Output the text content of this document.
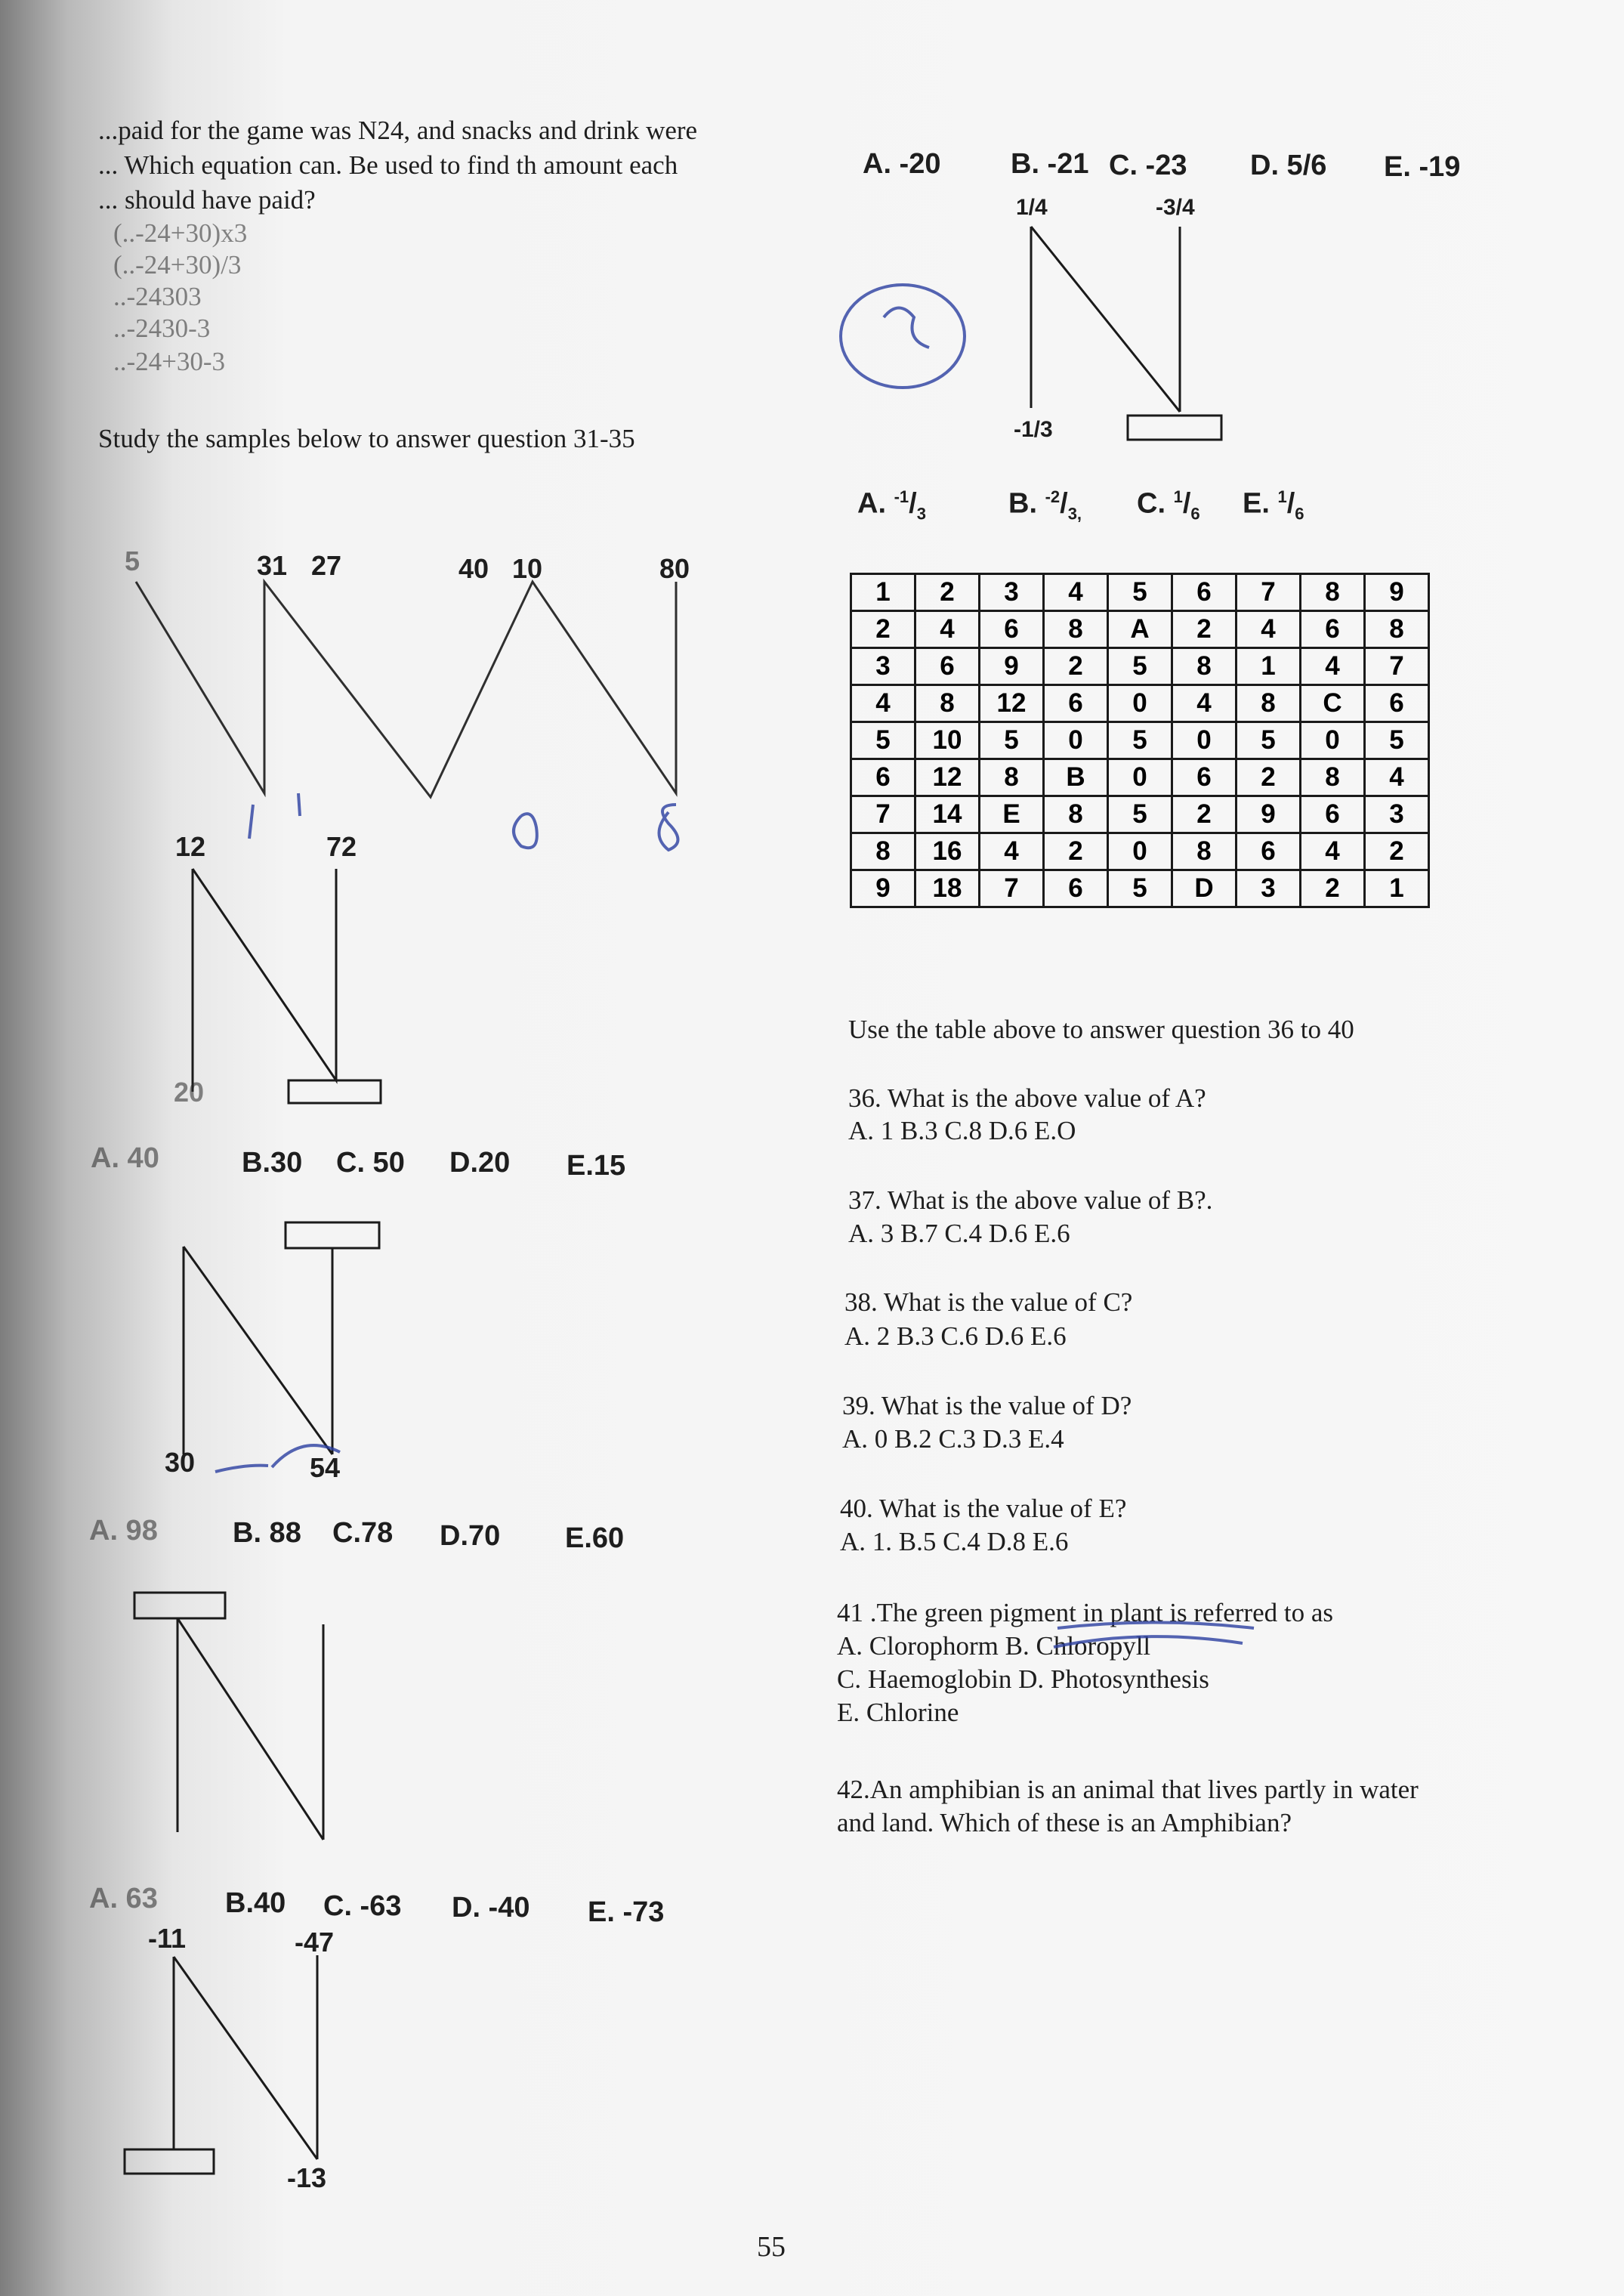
...paid for the game was N24, and snacks and drink were
... Which equation can. Be used to find th amount each
... should have paid?
(..-24+30)x3
(..-24+30)/3
..-24303
..-2430-3
..-24+30-3
Study the samples below to answer question 31-35
5	31 27	40 10	80
12	72
20
A. 40	B.30 C. 50 D.20 E.15
30	54
A. 98	B. 88 C.78 D.70 E.60
A. 63 B.40 C. -63 D. -40 E. -73
-11	-47
-13
A. -20 B. -21 C. -23 D. 5/6 E. -19
1/4	-3/4
-1/3
A. $^{-1}/_3$	B. $^{-2}/_{3,}$ C. $^1/_6$ E. $^1/_6$
1	2	3	4	5	6	7	8	9
2	4	6	8	A	2	4	6	8
3	6	9	2	5	8	1	4	7
4	8	12	6	0	4	8	C	6
5	10	5	0	5	0	5	0	5
6	12	8	B	0	6	2	8	4
7	14	E	8	5	2	9	6	3
8	16	4	2	0	8	6	4	2
9	18	7	6	5	D	3	2	1
Use the table above to answer question 36 to 40
36. What is the above value of A?
A. 1 B.3 C.8 D.6 E.O
37. What is the above value of B?.
A. 3 B.7 C.4 D.6 E.6
38. What is the value of C?
A. 2 B.3 C.6 D.6 E.6
39. What is the value of D?
A. 0 B.2 C.3 D.3 E.4
40. What is the value of E?
A. 1. B.5 C.4 D.8 E.6
41 .The green pigment in plant is referred to as
A. Clorophorm B. Chloropyll
C. Haemoglobin D. Photosynthesis
E. Chlorine
42.An amphibian is an animal that lives partly in water
and land. Which of these is an Amphibian?
55
